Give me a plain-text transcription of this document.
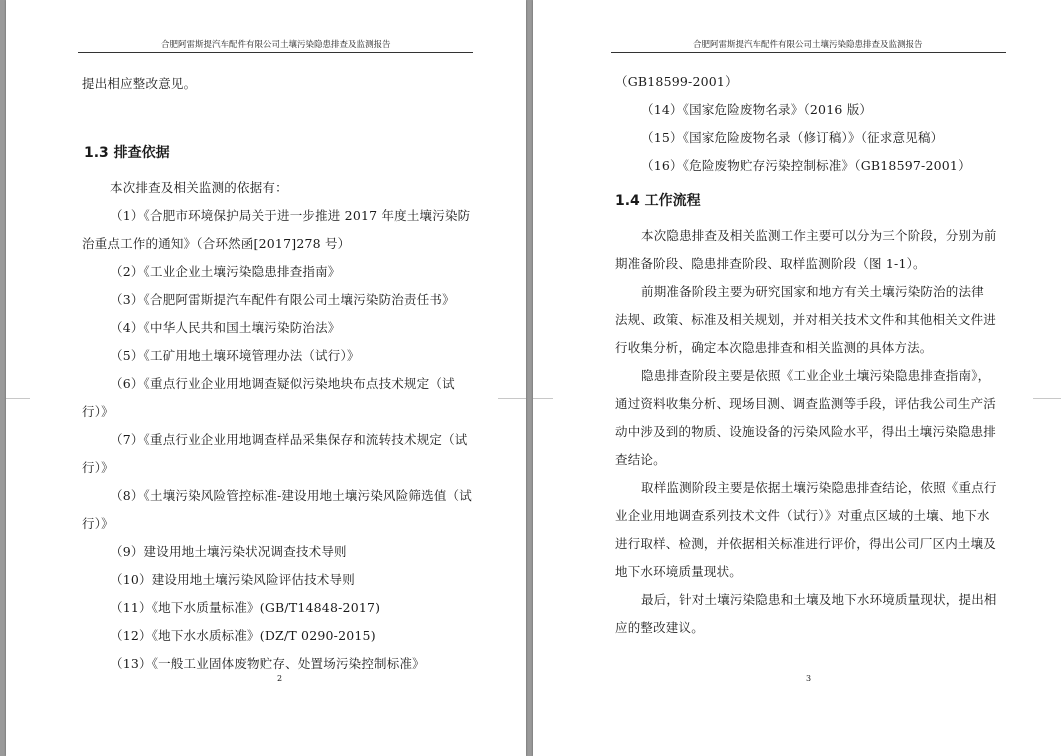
合肥阿雷斯提汽车配件有限公司土壤污染隐患排查及监测报告
提出相应整改意见。
1.3 排查依据
本次排查及相关监测的依据有：
（1）《合肥市环境保护局关于进一步推进 2017 年度土壤污染防
治重点工作的通知》（合环然函[2017]278 号）
（2）《工业企业土壤污染隐患排查指南》
（3）《合肥阿雷斯提汽车配件有限公司土壤污染防治责任书》
（4）《中华人民共和国土壤污染防治法》
（5）《工矿用地土壤环境管理办法（试行）》
（6）《重点行业企业用地调查疑似污染地块布点技术规定（试
行）》
（7）《重点行业企业用地调查样品采集保存和流转技术规定（试
行）》
（8）《土壤污染风险管控标准-建设用地土壤污染风险筛选值（试
行）》
（9）建设用地土壤污染状况调查技术导则
（10）建设用地土壤污染风险评估技术导则
（11）《地下水质量标准》(GB/T14848-2017)
（12）《地下水水质标准》(DZ/T 0290-2015)
（13）《一般工业固体废物贮存、处置场污染控制标准》
2
合肥阿雷斯提汽车配件有限公司土壤污染隐患排查及监测报告
（GB18599-2001）
（14）《国家危险废物名录》（2016 版）
（15）《国家危险废物名录（修订稿）》（征求意见稿）
（16）《危险废物贮存污染控制标准》（GB18597-2001）
1.4 工作流程
本次隐患排查及相关监测工作主要可以分为三个阶段，分别为前
期准备阶段、隐患排查阶段、取样监测阶段（图 1-1）。
前期准备阶段主要为研究国家和地方有关土壤污染防治的法律
法规、政策、标准及相关规划，并对相关技术文件和其他相关文件进
行收集分析，确定本次隐患排查和相关监测的具体方法。
隐患排查阶段主要是依照《工业企业土壤污染隐患排查指南》，
通过资料收集分析、现场目测、调查监测等手段，评估我公司生产活
动中涉及到的物质、设施设备的污染风险水平，得出土壤污染隐患排
查结论。
取样监测阶段主要是依据土壤污染隐患排查结论，依照《重点行
业企业用地调查系列技术文件（试行）》对重点区域的土壤、地下水
进行取样、检测，并依据相关标准进行评价，得出公司厂区内土壤及
地下水环境质量现状。
最后，针对土壤污染隐患和土壤及地下水环境质量现状，提出相
应的整改建议。
3
